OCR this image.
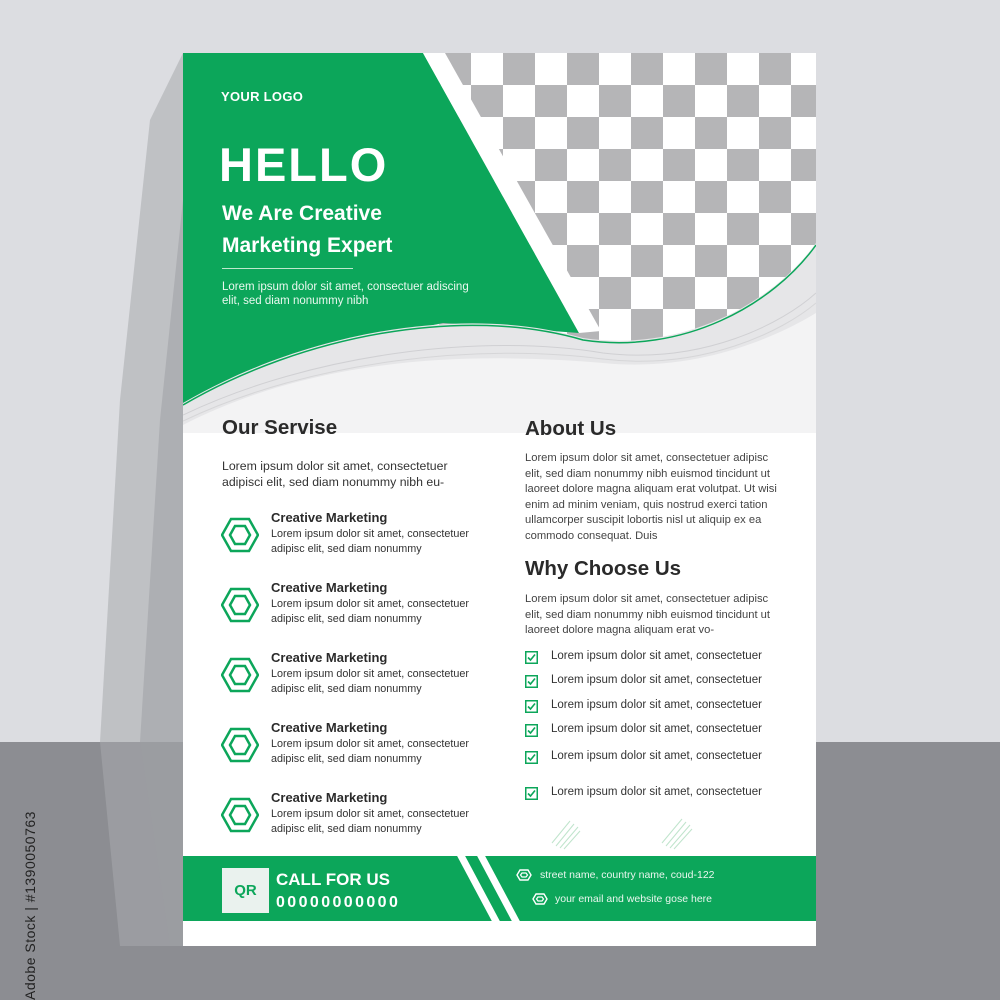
YOUR LOGO
HELLO
We Are Creative
Marketing Expert
Lorem ipsum dolor sit amet, consectuer adiscing elit, sed diam nonummy nibh
Our Servise
Lorem ipsum dolor sit amet, consectetuer adipisci elit, sed diam nonummy nibh eu-
Creative Marketing
Lorem ipsum dolor sit amet, consectetuer adipisc elit, sed diam nonummy
Creative Marketing
Lorem ipsum dolor sit amet, consectetuer adipisc elit, sed diam nonummy
Creative Marketing
Lorem ipsum dolor sit amet, consectetuer adipisc elit, sed diam nonummy
Creative Marketing
Lorem ipsum dolor sit amet, consectetuer adipisc elit, sed diam nonummy
Creative Marketing
Lorem ipsum dolor sit amet, consectetuer adipisc elit, sed diam nonummy
About Us
Lorem ipsum dolor sit amet, consectetuer adipisc elit, sed diam nonummy nibh euismod tincidunt ut laoreet dolore magna aliquam erat volutpat. Ut wisi enim ad minim veniam, quis nostrud exerci tation ullamcorper suscipit lobortis nisl ut aliquip ex ea commodo consequat. Duis
Why Choose Us
Lorem ipsum dolor sit amet, consectetuer adipisc elit, sed diam nonummy nibh euismod tincidunt ut laoreet dolore magna aliquam erat vo-
Lorem ipsum dolor sit amet, consectetuer
Lorem ipsum dolor sit amet, consectetuer
Lorem ipsum dolor sit amet, consectetuer
Lorem ipsum dolor sit amet, consectetuer
Lorem ipsum dolor sit amet, consectetuer
Lorem ipsum dolor sit amet, consectetuer
QR
CALL FOR US
00000000000
street name, country name, coud-122
your email and website gose here
Adobe Stock | #1390050763
